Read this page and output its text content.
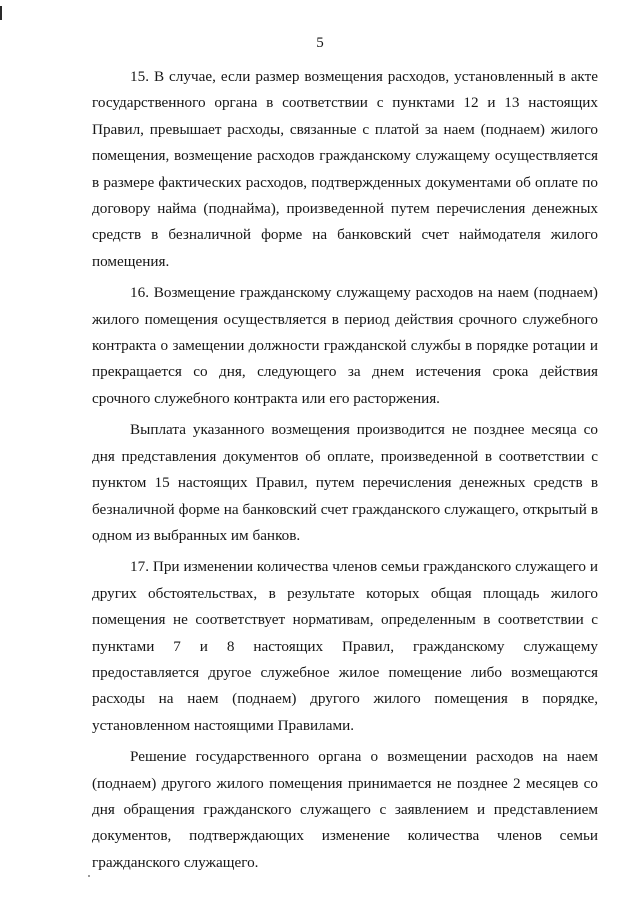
5

15. В случае, если размер возмещения расходов, установленный в акте государственного органа в соответствии с пунктами 12 и 13 настоящих Правил, превышает расходы, связанные с платой за наем (поднаем) жилого помещения, возмещение расходов гражданскому служащему осуществляется в размере фактических расходов, подтвержденных документами об оплате по договору найма (поднайма), произведенной путем перечисления денежных средств в безналичной форме на банковский счет наймодателя жилого помещения.

16. Возмещение гражданскому служащему расходов на наем (поднаем) жилого помещения осуществляется в период действия срочного служебного контракта о замещении должности гражданской службы в порядке ротации и прекращается со дня, следующего за днем истечения срока действия срочного служебного контракта или его расторжения.

Выплата указанного возмещения производится не позднее месяца со дня представления документов об оплате, произведенной в соответствии с пунктом 15 настоящих Правил, путем перечисления денежных средств в безналичной форме на банковский счет гражданского служащего, открытый в одном из выбранных им банков.

17. При изменении количества членов семьи гражданского служащего и других обстоятельствах, в результате которых общая площадь жилого помещения не соответствует нормативам, определенным в соответствии с пунктами 7 и 8 настоящих Правил, гражданскому служащему предоставляется другое служебное жилое помещение либо возмещаются расходы на наем (поднаем) другого жилого помещения в порядке, установленном настоящими Правилами.

Решение государственного органа о возмещении расходов на наем (поднаем) другого жилого помещения принимается не позднее 2 месяцев со дня обращения гражданского служащего с заявлением и представлением документов, подтверждающих изменение количества членов семьи гражданского служащего.
